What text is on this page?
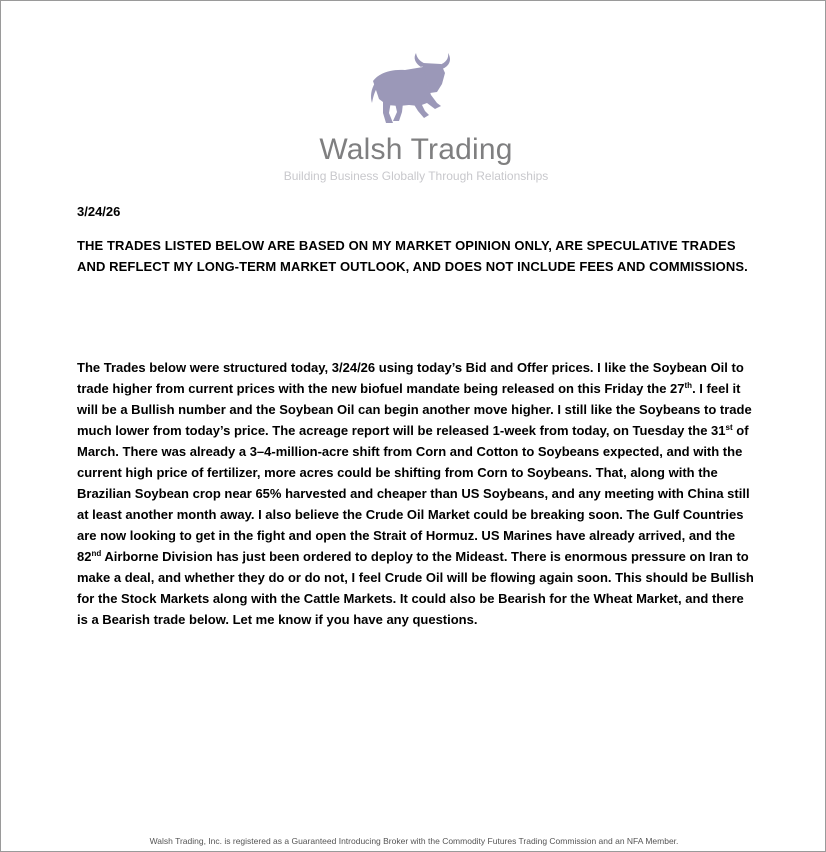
Walsh Trading
Building Business Globally Through Relationships
3/24/26
THE TRADES LISTED BELOW ARE BASED ON MY MARKET OPINION ONLY, ARE SPECULATIVE TRADES AND REFLECT MY LONG-TERM MARKET OUTLOOK, AND DOES NOT INCLUDE FEES AND COMMISSIONS.
The Trades below were structured today, 3/24/26 using today’s Bid and Offer prices. I like the Soybean Oil to trade higher from current prices with the new biofuel mandate being released on this Friday the 27th. I feel it will be a Bullish number and the Soybean Oil can begin another move higher. I still like the Soybeans to trade much lower from today’s price. The acreage report will be released 1-week from today, on Tuesday the 31st of March. There was already a 3–4-million-acre shift from Corn and Cotton to Soybeans expected, and with the current high price of fertilizer, more acres could be shifting from Corn to Soybeans. That, along with the Brazilian Soybean crop near 65% harvested and cheaper than US Soybeans, and any meeting with China still at least another month away. I also believe the Crude Oil Market could be breaking soon. The Gulf Countries are now looking to get in the fight and open the Strait of Hormuz. US Marines have already arrived, and the 82nd Airborne Division has just been ordered to deploy to the Mideast. There is enormous pressure on Iran to make a deal, and whether they do or do not, I feel Crude Oil will be flowing again soon. This should be Bullish for the Stock Markets along with the Cattle Markets. It could also be Bearish for the Wheat Market, and there is a Bearish trade below. Let me know if you have any questions.
Walsh Trading, Inc. is registered as a Guaranteed Introducing Broker with the Commodity Futures Trading Commission and an NFA Member.
